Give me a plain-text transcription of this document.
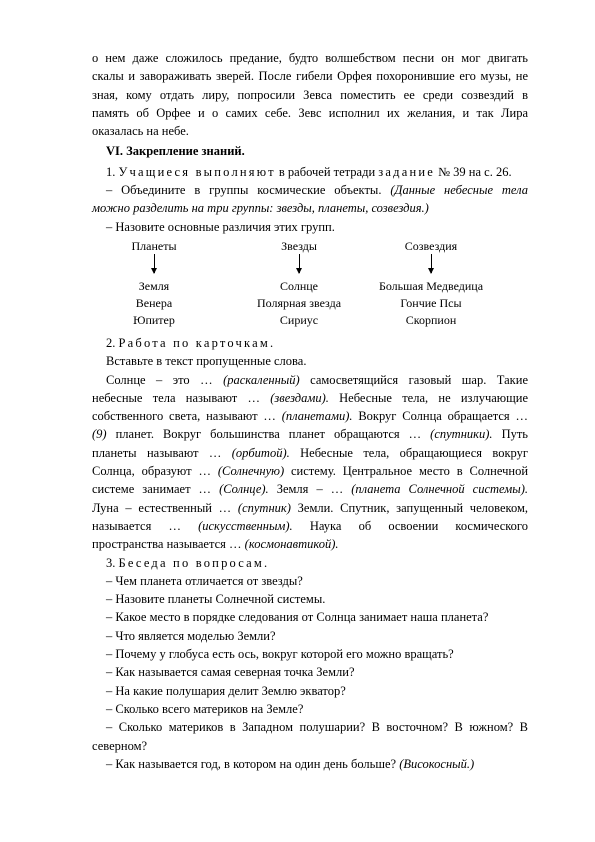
о нем даже сложилось предание, будто волшебством песни он мог двигать

скалы и завораживать зверей. После гибели Орфея похоронившие его музы, не

зная, кому отдать лиру, попросили Зевса поместить ее среди созвездий в

память об Орфее и о самих себе. Зевс исполнил их желания, и так Лира

оказалась на небе.

VI. Закрепление знаний.

1. Учащиеся выполняют в рабочей тетради задание № 39 на с. 26.

– Объедините в группы космические объекты. (Данные небесные тела

можно разделить на три группы: звезды, планеты, созвездия.)

– Назовите основные различия этих групп.

Планеты	Звезды	Созвездия
Земля
Венера
Юпитер
Солнце
Полярная звезда
Сириус
Большая Медведица
Гончие Псы
Скорпион

2. Работа по карточкам.

Вставьте в текст пропущенные слова.

Солнце – это … (раскаленный) самосветящийся газовый шар. Такие

небесные тела называют … (звездами). Небесные тела, не излучающие

собственного света, называют … (планетами). Вокруг Солнца обращается …

(9) планет. Вокруг большинства планет обращаются … (спутники). Путь

планеты называют … (орбитой). Небесные тела, обращающиеся вокруг

Солнца, образуют … (Солнечную) систему. Центральное место в Солнечной

системе занимает … (Солнце). Земля – … (планета Солнечной системы).

Луна – естественный … (спутник) Земли. Спутник, запущенный человеком,

называется … (искусственным). Наука об освоении космического

пространства называется … (космонавтикой).

3. Беседа по вопросам.

– Чем планета отличается от звезды?

– Назовите планеты Солнечной системы.

– Какое место в порядке следования от Солнца занимает наша планета?

– Что является моделью Земли?

– Почему у глобуса есть ось, вокруг которой его можно вращать?

– Как называется самая северная точка Земли?

– На какие полушария делит Землю экватор?

– Сколько всего материков на Земле?

– Сколько материков в Западном полушарии? В восточном? В южном? В

северном?

– Как называется год, в котором на один день больше? (Високосный.)
